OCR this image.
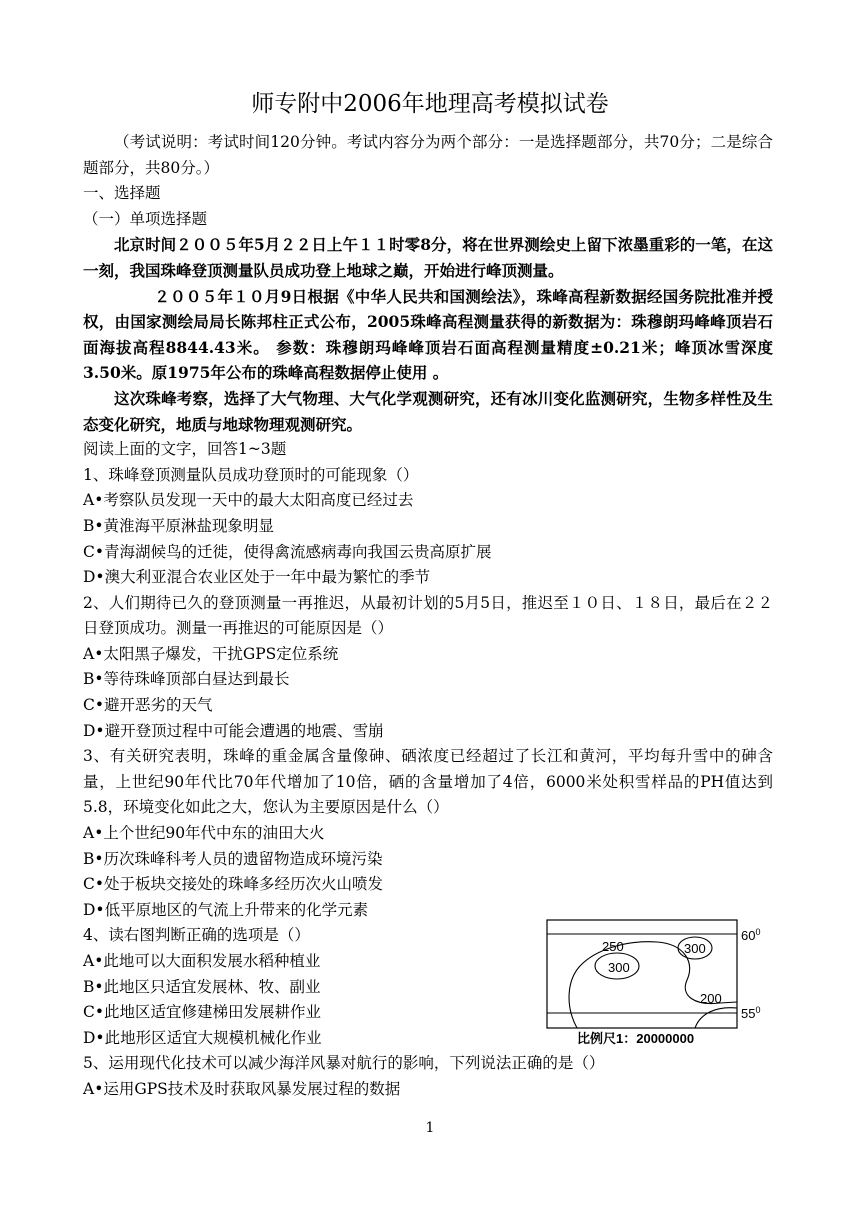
师专附中2006年地理高考模拟试卷

（考试说明：考试时间120分钟。考试内容分为两个部分：一是选择题部分，共70分；二是综合题部分，共80分。）

一、选择题

（一）单项选择题

北京时间２００５年5月２２日上午１１时零8分，将在世界测绘史上留下浓墨重彩的一笔，在这一刻，我国珠峰登顶测量队员成功登上地球之巅，开始进行峰顶测量。

２００５年１０月9日根据《中华人民共和国测绘法》，珠峰高程新数据经国务院批准并授权，由国家测绘局局长陈邦柱正式公布，2005珠峰高程测量获得的新数据为：珠穆朗玛峰峰顶岩石面海拔高程8844.43米。 参数：珠穆朗玛峰峰顶岩石面高程测量精度±0.21米；峰顶冰雪深度3.50米。原1975年公布的珠峰高程数据停止使用 。

这次珠峰考察，选择了大气物理、大气化学观测研究，还有冰川变化监测研究，生物多样性及生态变化研究，地质与地球物理观测研究。

阅读上面的文字，回答1~3题

1、珠峰登顶测量队员成功登顶时的可能现象（）

A•考察队员发现一天中的最大太阳高度已经过去

B•黄淮海平原淋盐现象明显

C•青海湖候鸟的迁徙，使得禽流感病毒向我国云贵高原扩展

D•澳大利亚混合农业区处于一年中最为繁忙的季节

2、人们期待已久的登顶测量一再推迟，从最初计划的5月5日，推迟至１０日、１８日，最后在２２日登顶成功。测量一再推迟的可能原因是（）

A•太阳黑子爆发，干扰GPS定位系统

B•等待珠峰顶部白昼达到最长

C•避开恶劣的天气

D•避开登顶过程中可能会遭遇的地震、雪崩

3、有关研究表明，珠峰的重金属含量像砷、硒浓度已经超过了长江和黄河，平均每升雪中的砷含量，上世纪90年代比70年代增加了10倍，硒的含量增加了4倍，6000米处积雪样品的PH值达到5.8，环境变化如此之大，您认为主要原因是什么（）

A•上个世纪90年代中东的油田大火

B•历次珠峰科考人员的遗留物造成环境污染

C•处于板块交接处的珠峰多经历次火山喷发

D•低平原地区的气流上升带来的化学元素

4、读右图判断正确的选项是（）

A•此地可以大面积发展水稻种植业

B•此地区只适宜发展林、牧、副业

C•此地区适宜修建梯田发展耕作业

D•此地形区适宜大规模机械化作业

5、运用现代化技术可以减少海洋风暴对航行的影响，下列说法正确的是（）

A•运用GPS技术及时获取风暴发展过程的数据

250
300
300
200
$60^0$
$55^0$
比例尺1：20000000
1
